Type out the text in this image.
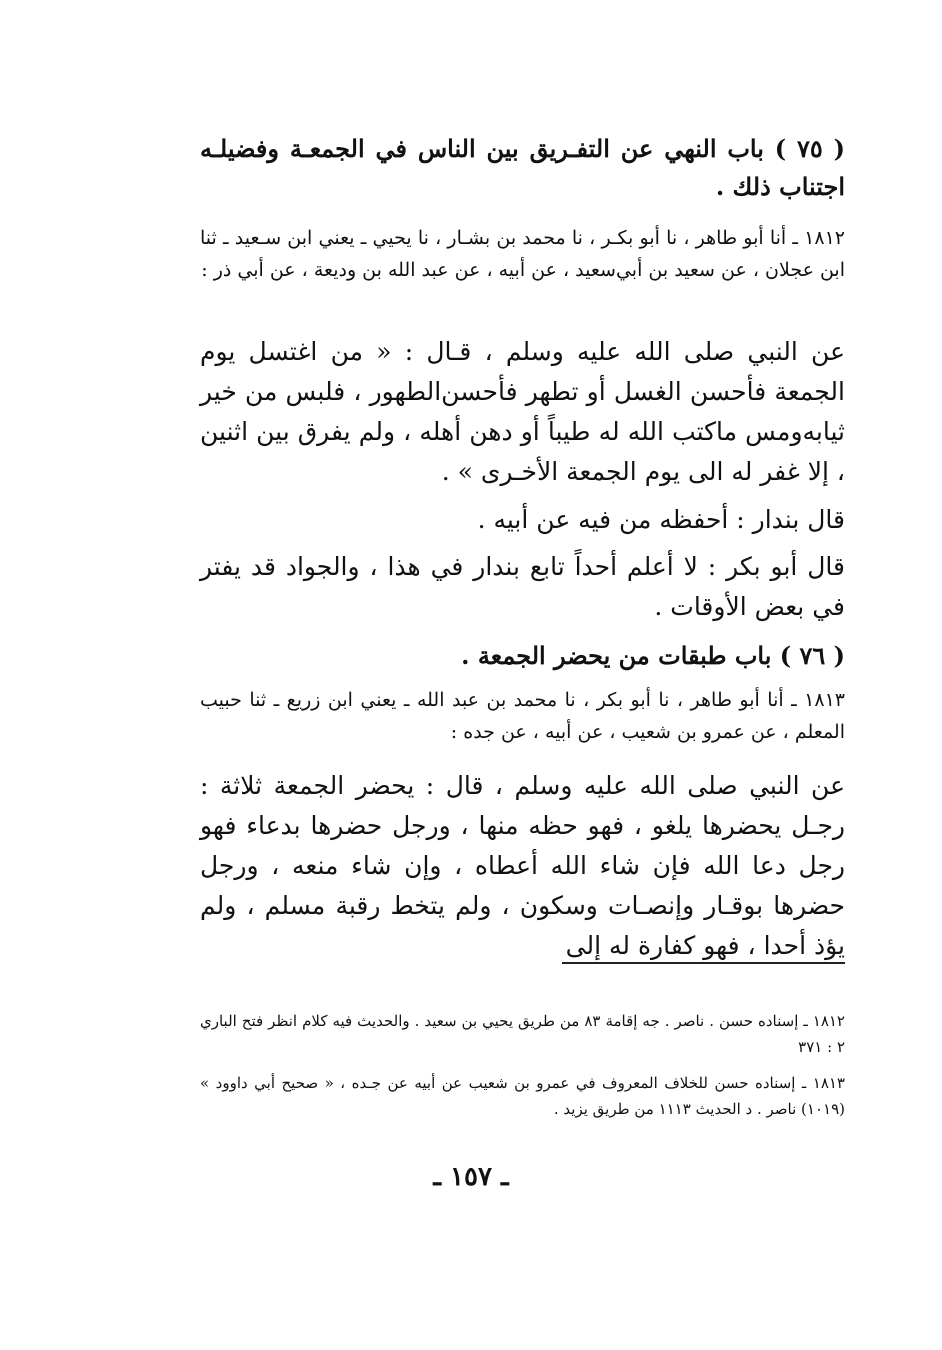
( ٧٥ ) باب النهي عن التفـريق بين الناس في الجمعـة وفضيلـه اجتناب ذلك .

١٨١٢ ـ أنا أبو طاهر ، نا أبو بكـر ، نا محمد بن بشـار ، نا يحيي ـ يعني ابن سـعيد ـ ثنا ابن عجلان ، عن سعيد بن أبي‌سعيد ، عن أبيه ، عن عبد الله بن وديعة ، عن أبي ذر :

عن النبي صلى الله عليه وسلم ، قـال : « من اغتسل يوم الجمعة فأحسن الغسل أو تطهر فأحسن‌الطهور ، فلبس من خير ثيابه‌ومس ماكتب الله له طيباً أو دهن أهله ، ولم يفرق بين اثنين ، إلا غفر له الى يوم الجمعة الأخـرى » .

قال بندار : أحفظه من فيه عن أبيه .

قال أبو بكر : لا أعلم أحداً تابع بندار في هذا ، والجواد قد يفتر في بعض الأوقات .

( ٧٦ ) باب طبقات من يحضر الجمعة .

١٨١٣ ـ أنا أبو طاهر ، نا أبو بكر ، نا محمد بن عبد الله ـ يعني ابن زريع ـ ثنا حبيب المعلم ، عن عمرو بن شعيب ، عن أبيه ، عن جده :

عن النبي صلى الله عليه وسلم ، قال : يحضر الجمعة ثلاثة : رجـل يحضرها يلغو ، فهو حظه منها ، ورجل حضرها بدعاء فهو رجل دعا الله فإن شاء الله أعطاه ، وإن شاء منعه ، ورجل حضرها بوقـار وإنصـات وسكون ، ولم يتخط رقبة مسلم ، ولم يؤذ أحدا ، فهو كفارة له إلى

١٨١٢ ـ إسناده حسن . ناصر . جه إقامة ٨٣ من طريق يحيي بن سعيد . والحديث فيه كلام انظر فتح الباري ٢ : ٣٧١

١٨١٣ ـ إسناده حسن للخلاف المعروف في عمرو بن شعيب عن أبيه عن جـده ، « صحيح أبي داوود » (١٠١٩) ناصر . د الحديث ١١١٣ من طريق يزيد .

ـ ١٥٧ ـ
